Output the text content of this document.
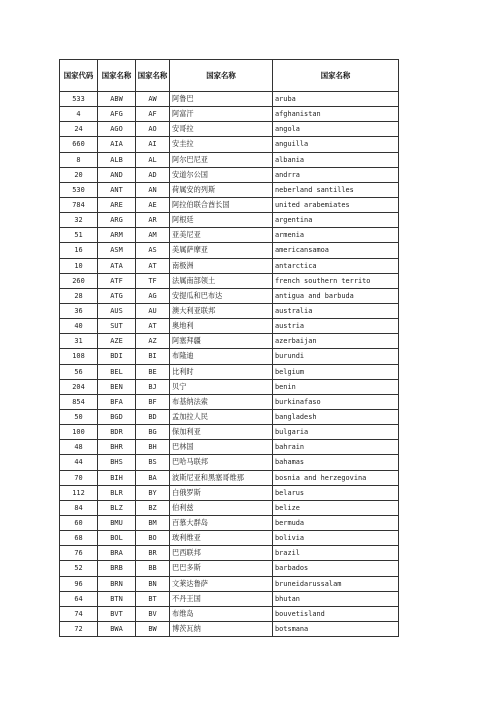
国家代码	国家名称	国家名称	国家名称	国家名称
533	ABW	AW	阿鲁巴	aruba
4	AFG	AF	阿富汗	afghanistan
24	AGO	AO	安哥拉	angola
660	AIA	AI	安圭拉	anguilla
8	ALB	AL	阿尔巴尼亚	albania
20	AND	AD	安道尔公国	andrra
530	ANT	AN	荷属安的列斯	neberland santilles
784	ARE	AE	阿拉伯联合酋长国	united arabemiates
32	ARG	AR	阿根廷	argentina
51	ARM	AM	亚美尼亚	armenia
16	ASM	AS	美属萨摩亚	americansamoa
10	ATA	AT	南极洲	antarctica
260	ATF	TF	法属南部领土	french southern territo
28	ATG	AG	安提瓜和巴布达	antigua and barbuda
36	AUS	AU	澳大利亚联邦	australia
40	SUT	AT	奥地利	austria
31	AZE	AZ	阿塞拜疆	azerbaijan
108	BDI	BI	布隆迪	burundi
56	BEL	BE	比利时	belgium
204	BEN	BJ	贝宁	benin
854	BFA	BF	布基纳法索	burkinafaso
50	BGD	BD	孟加拉人民	bangladesh
100	BDR	BG	保加利亚	bulgaria
48	BHR	BH	巴林国	bahrain
44	BHS	BS	巴哈马联邦	bahamas
70	BIH	BA	波斯尼亚和黑塞哥维那	bosnia and herzegovina
112	BLR	BY	白俄罗斯	belarus
84	BLZ	BZ	伯利兹	belize
60	BMU	BM	百慕大群岛	bermuda
68	BOL	BO	玻利维亚	bolivia
76	BRA	BR	巴西联邦	brazil
52	BRB	BB	巴巴多斯	barbados
96	BRN	BN	文莱达鲁萨	bruneidarussalam
64	BTN	BT	不丹王国	bhutan
74	BVT	BV	布维岛	bouvetisland
72	BWA	BW	博茨瓦纳	botsmana
